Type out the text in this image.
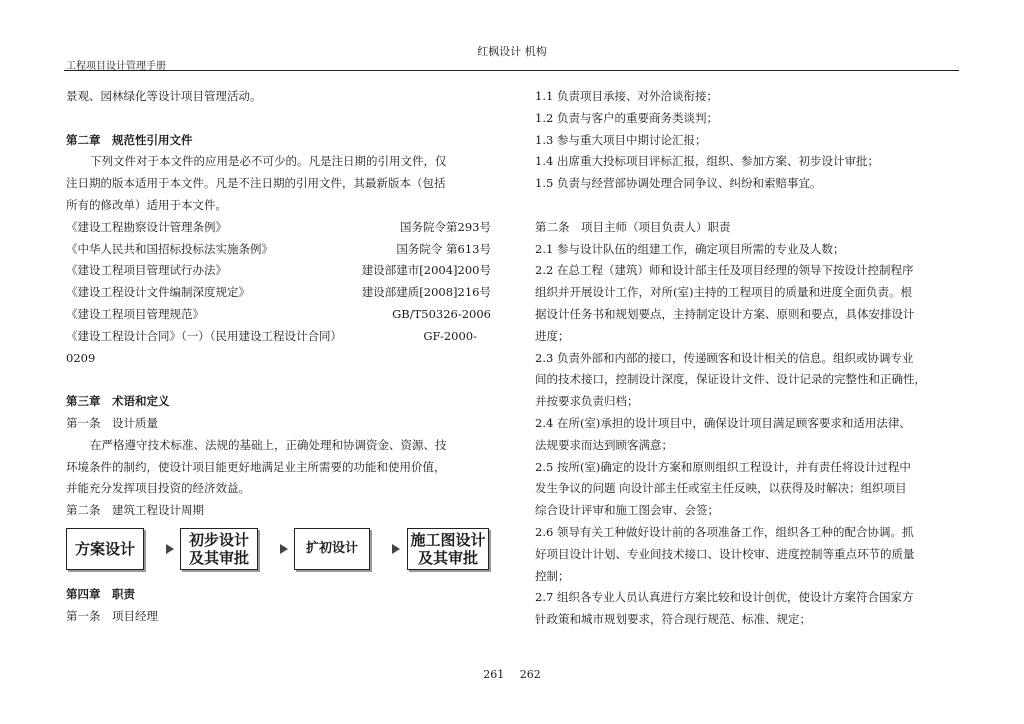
红枫设计 机构
工程项目设计管理手册
景观、园林绿化等设计项目管理活动。
第二章　规范性引用文件
下列文件对于本文件的应用是必不可少的。凡是注日期的引用文件，仅
注日期的版本适用于本文件。凡是不注日期的引用文件，其最新版本（包括
所有的修改单）适用于本文件。
《建设工程勘察设计管理条例》	国务院令第293号
《中华人民共和国招标投标法实施条例》	国务院令 第613号
《建设工程项目管理试行办法》	建设部建市[2004]200号
《建设工程设计文件编制深度规定》	建设部建质[2008]216号
《建设工程项目管理规范》	GB/T50326-2006
《建设工程设计合同》（一）（民用建设工程设计合同）	GF-2000-
0209
第三章　术语和定义
第一条　设计质量
在严格遵守技术标准、法规的基础上，正确处理和协调资金、资源、技
环境条件的制约，使设计项目能更好地满足业主所需要的功能和使用价值，
并能充分发挥项目投资的经济效益。
第二条　建筑工程设计周期
方案设计	初步设计
及其审批
扩初设计	施工图设计
及其审批
第四章　职责
第一条　项目经理
1.1 负责项目承接、对外洽谈衔接；
1.2 负责与客户的重要商务类谈判；
1.3 参与重大项目中期讨论汇报；
1.4 出席重大投标项目评标汇报，组织、参加方案、初步设计审批；
1.5 负责与经营部协调处理合同争议、纠纷和索赔事宜。
第二条　项目主师（项目负责人）职责
2.1 参与设计队伍的组建工作，确定项目所需的专业及人数；
2.2 在总工程（建筑）师和设计部主任及项目经理的领导下按设计控制程序
组织并开展设计工作，对所(室)主持的工程项目的质量和进度全面负责。根
据设计任务书和规划要点，主持制定设计方案、原则和要点，具体安排设计
进度；
2.3 负责外部和内部的接口，传递顾客和设计相关的信息。组织或协调专业
间的技术接口，控制设计深度，保证设计文件、设计记录的完整性和正确性，
并按要求负责归档；
2.4 在所(室)承担的设计项目中，确保设计项目满足顾客要求和适用法律、
法规要求而达到顾客满意；
2.5 按所(室)确定的设计方案和原则组织工程设计，并有责任将设计过程中
发生争议的问题 向设计部主任或室主任反映，以获得及时解决；组织项目
综合设计评审和施工图会审、会签；
2.6 领导有关工种做好设计前的各项准备工作，组织各工种的配合协调。抓
好项目设计计划、专业间技术接口、设计校审、进度控制等重点环节的质量
控制；
2.7 组织各专业人员认真进行方案比较和设计创优，使设计方案符合国家方
针政策和城市规划要求，符合现行规范、标准、规定；
261 262
